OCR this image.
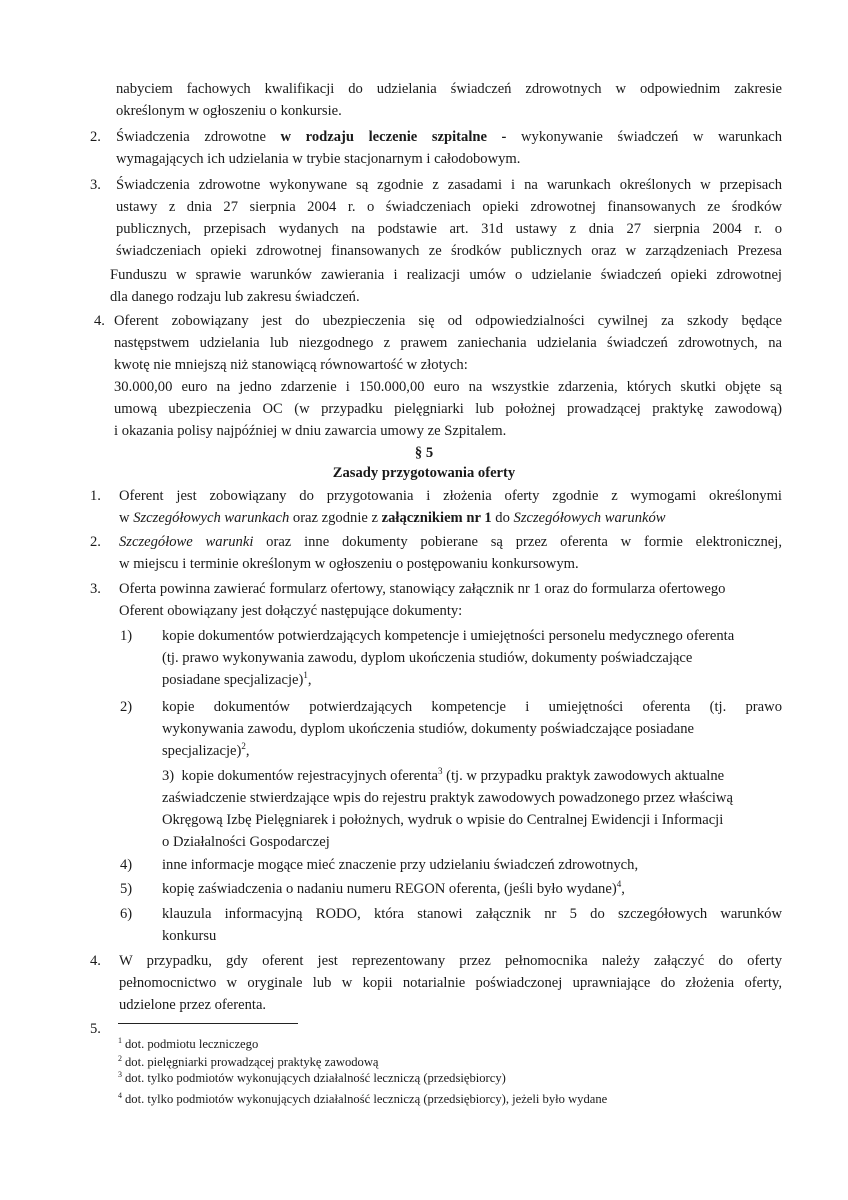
nabyciem fachowych kwalifikacji do udzielania świadczeń zdrowotnych w odpowiednim zakresie
określonym w ogłoszeniu o konkursie.
2. Świadczenia zdrowotne w rodzaju leczenie szpitalne - wykonywanie świadczeń w warunkach
wymagających ich udzielania w trybie stacjonarnym i całodobowym.
3. Świadczenia zdrowotne wykonywane są zgodnie z zasadami i na warunkach określonych w przepisach
ustawy z dnia 27 sierpnia 2004 r. o świadczeniach opieki zdrowotnej finansowanych ze środków
publicznych, przepisach wydanych na podstawie art. 31d ustawy z dnia 27 sierpnia 2004 r. o
świadczeniach opieki zdrowotnej finansowanych ze środków publicznych oraz w zarządzeniach Prezesa
Funduszu w sprawie warunków zawierania i realizacji umów o udzielanie świadczeń opieki zdrowotnej
dla danego rodzaju lub zakresu świadczeń.
4. Oferent zobowiązany jest do ubezpieczenia się od odpowiedzialności cywilnej za szkody będące
następstwem udzielania lub niezgodnego z prawem zaniechania udzielania świadczeń zdrowotnych, na
kwotę nie mniejszą niż stanowiącą równowartość w złotych:
30.000,00 euro na jedno zdarzenie i 150.000,00 euro na wszystkie zdarzenia, których skutki objęte są
umową ubezpieczenia OC (w przypadku pielęgniarki lub położnej prowadzącej praktykę zawodową)
i okazania polisy najpóźniej w dniu zawarcia umowy ze Szpitalem.
§ 5
Zasady przygotowania oferty
1. Oferent jest zobowiązany do przygotowania i złożenia oferty zgodnie z wymogami określonymi
w Szczegółowych warunkach oraz zgodnie z załącznikiem nr 1 do Szczegółowych warunków
2. Szczegółowe warunki oraz inne dokumenty pobierane są przez oferenta w formie elektronicznej,
w miejscu i terminie określonym w ogłoszeniu o postępowaniu konkursowym.
3. Oferta powinna zawierać formularz ofertowy, stanowiący załącznik nr 1 oraz do formularza ofertowego
Oferent obowiązany jest dołączyć następujące dokumenty:
1) kopie dokumentów potwierdzających kompetencje i umiejętności personelu medycznego oferenta
(tj. prawo wykonywania zawodu, dyplom ukończenia studiów, dokumenty poświadczające
posiadane specjalizacje)$^1$,
2) kopie dokumentów potwierdzających kompetencje i umiejętności oferenta (tj. prawo
wykonywania zawodu, dyplom ukończenia studiów, dokumenty poświadczające posiadane
specjalizacje)$^2$,
3) kopie dokumentów rejestracyjnych oferenta$^3$ (tj. w przypadku praktyk zawodowych aktualne
zaświadczenie stwierdzające wpis do rejestru praktyk zawodowych powadzonego przez właściwą
Okręgową Izbę Pielęgniarek i położnych, wydruk o wpisie do Centralnej Ewidencji i Informacji
o Działalności Gospodarczej
4) inne informacje mogące mieć znaczenie przy udzielaniu świadczeń zdrowotnych,
5) kopię zaświadczenia o nadaniu numeru REGON oferenta, (jeśli było wydane)$^4$,
6) klauzula informacyjną RODO, która stanowi załącznik nr 5 do szczegółowych warunków
konkursu
4. W przypadku, gdy oferent jest reprezentowany przez pełnomocnika należy załączyć do oferty
pełnomocnictwo w oryginale lub w kopii notarialnie poświadczonej uprawniające do złożenia oferty,
udzielone przez oferenta.
5.
$^1$ dot. podmiotu leczniczego
$^2$ dot. pielęgniarki prowadzącej praktykę zawodową
$^3$ dot. tylko podmiotów wykonujących działalność leczniczą (przedsiębiorcy)
$^4$ dot. tylko podmiotów wykonujących działalność leczniczą (przedsiębiorcy), jeżeli było wydane
